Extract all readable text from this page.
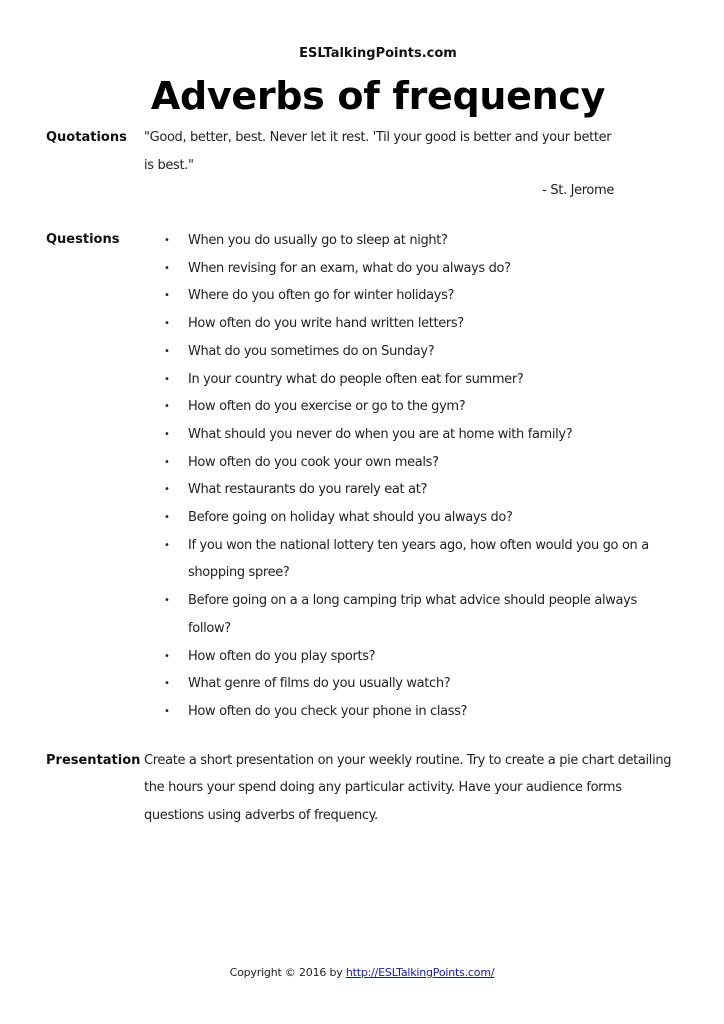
ESLTalkingPoints.com
Adverbs of frequency
Quotations "Good, better, best. Never let it rest. 'Til your good is better and your better is best."
- St. Jerome
Questions	• When you do usually go to sleep at night?
• When revising for an exam, what do you always do?
• Where do you often go for winter holidays?
• How often do you write hand written letters?
• What do you sometimes do on Sunday?
• In your country what do people often eat for summer?
• How often do you exercise or go to the gym?
• What should you never do when you are at home with family?
• How often do you cook your own meals?
• What restaurants do you rarely eat at?
• Before going on holiday what should you always do?
• If you won the national lottery ten years ago, how often would you go on a shopping spree?
• Before going on a a long camping trip what advice should people always follow?
• How often do you play sports?
• What genre of films do you usually watch?
• How often do you check your phone in class?
Presentation Create a short presentation on your weekly routine. Try to create a pie chart detailing the hours your spend doing any particular activity. Have your audience forms questions using adverbs of frequency.
Copyright © 2016 by http://ESLTalkingPoints.com/
